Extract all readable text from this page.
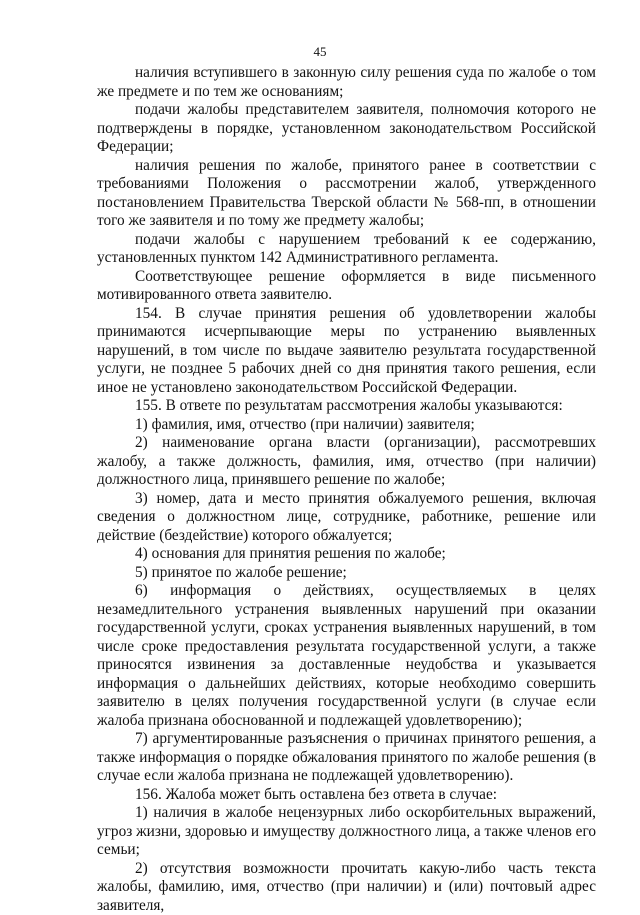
45

наличия вступившего в законную силу решения суда по жалобе о том же предмете и по тем же основаниям;

подачи жалобы представителем заявителя, полномочия которого не подтверждены в порядке, установленном законодательством Российской Федерации;

наличия решения по жалобе, принятого ранее в соответствии с требованиями Положения о рассмотрении жалоб, утвержденного постановлением Правительства Тверской области № 568-пп, в отношении того же заявителя и по тому же предмету жалобы;

подачи жалобы с нарушением требований к ее содержанию, установленных пунктом 142 Административного регламента.

Соответствующее решение оформляется в виде письменного мотивированного ответа заявителю.

154. В случае принятия решения об удовлетворении жалобы принимаются исчерпывающие меры по устранению выявленных нарушений, в том числе по выдаче заявителю результата государственной услуги, не позднее 5 рабочих дней со дня принятия такого решения, если иное не установлено законодательством Российской Федерации.

155. В ответе по результатам рассмотрения жалобы указываются:

1) фамилия, имя, отчество (при наличии) заявителя;

2) наименование органа власти (организации), рассмотревших жалобу, а также должность, фамилия, имя, отчество (при наличии) должностного лица, принявшего решение по жалобе;

3) номер, дата и место принятия обжалуемого решения, включая сведения о должностном лице, сотруднике, работнике, решение или действие (бездействие) которого обжалуется;

4) основания для принятия решения по жалобе;

5) принятое по жалобе решение;

6) информация о действиях, осуществляемых в целях незамедлительного устранения выявленных нарушений при оказании государственной услуги, сроках устранения выявленных нарушений, в том числе сроке предоставления результата государственной услуги, а также приносятся извинения за доставленные неудобства и указывается информация о дальнейших действиях, которые необходимо совершить заявителю в целях получения государственной услуги (в случае если жалоба признана обоснованной и подлежащей удовлетворению);

7) аргументированные разъяснения о причинах принятого решения, а также информация о порядке обжалования принятого по жалобе решения (в случае если жалоба признана не подлежащей удовлетворению).

156. Жалоба может быть оставлена без ответа в случае:

1) наличия в жалобе нецензурных либо оскорбительных выражений, угроз жизни, здоровью и имуществу должностного лица, а также членов его семьи;

2) отсутствия возможности прочитать какую-либо часть текста жалобы, фамилию, имя, отчество (при наличии) и (или) почтовый адрес заявителя,
